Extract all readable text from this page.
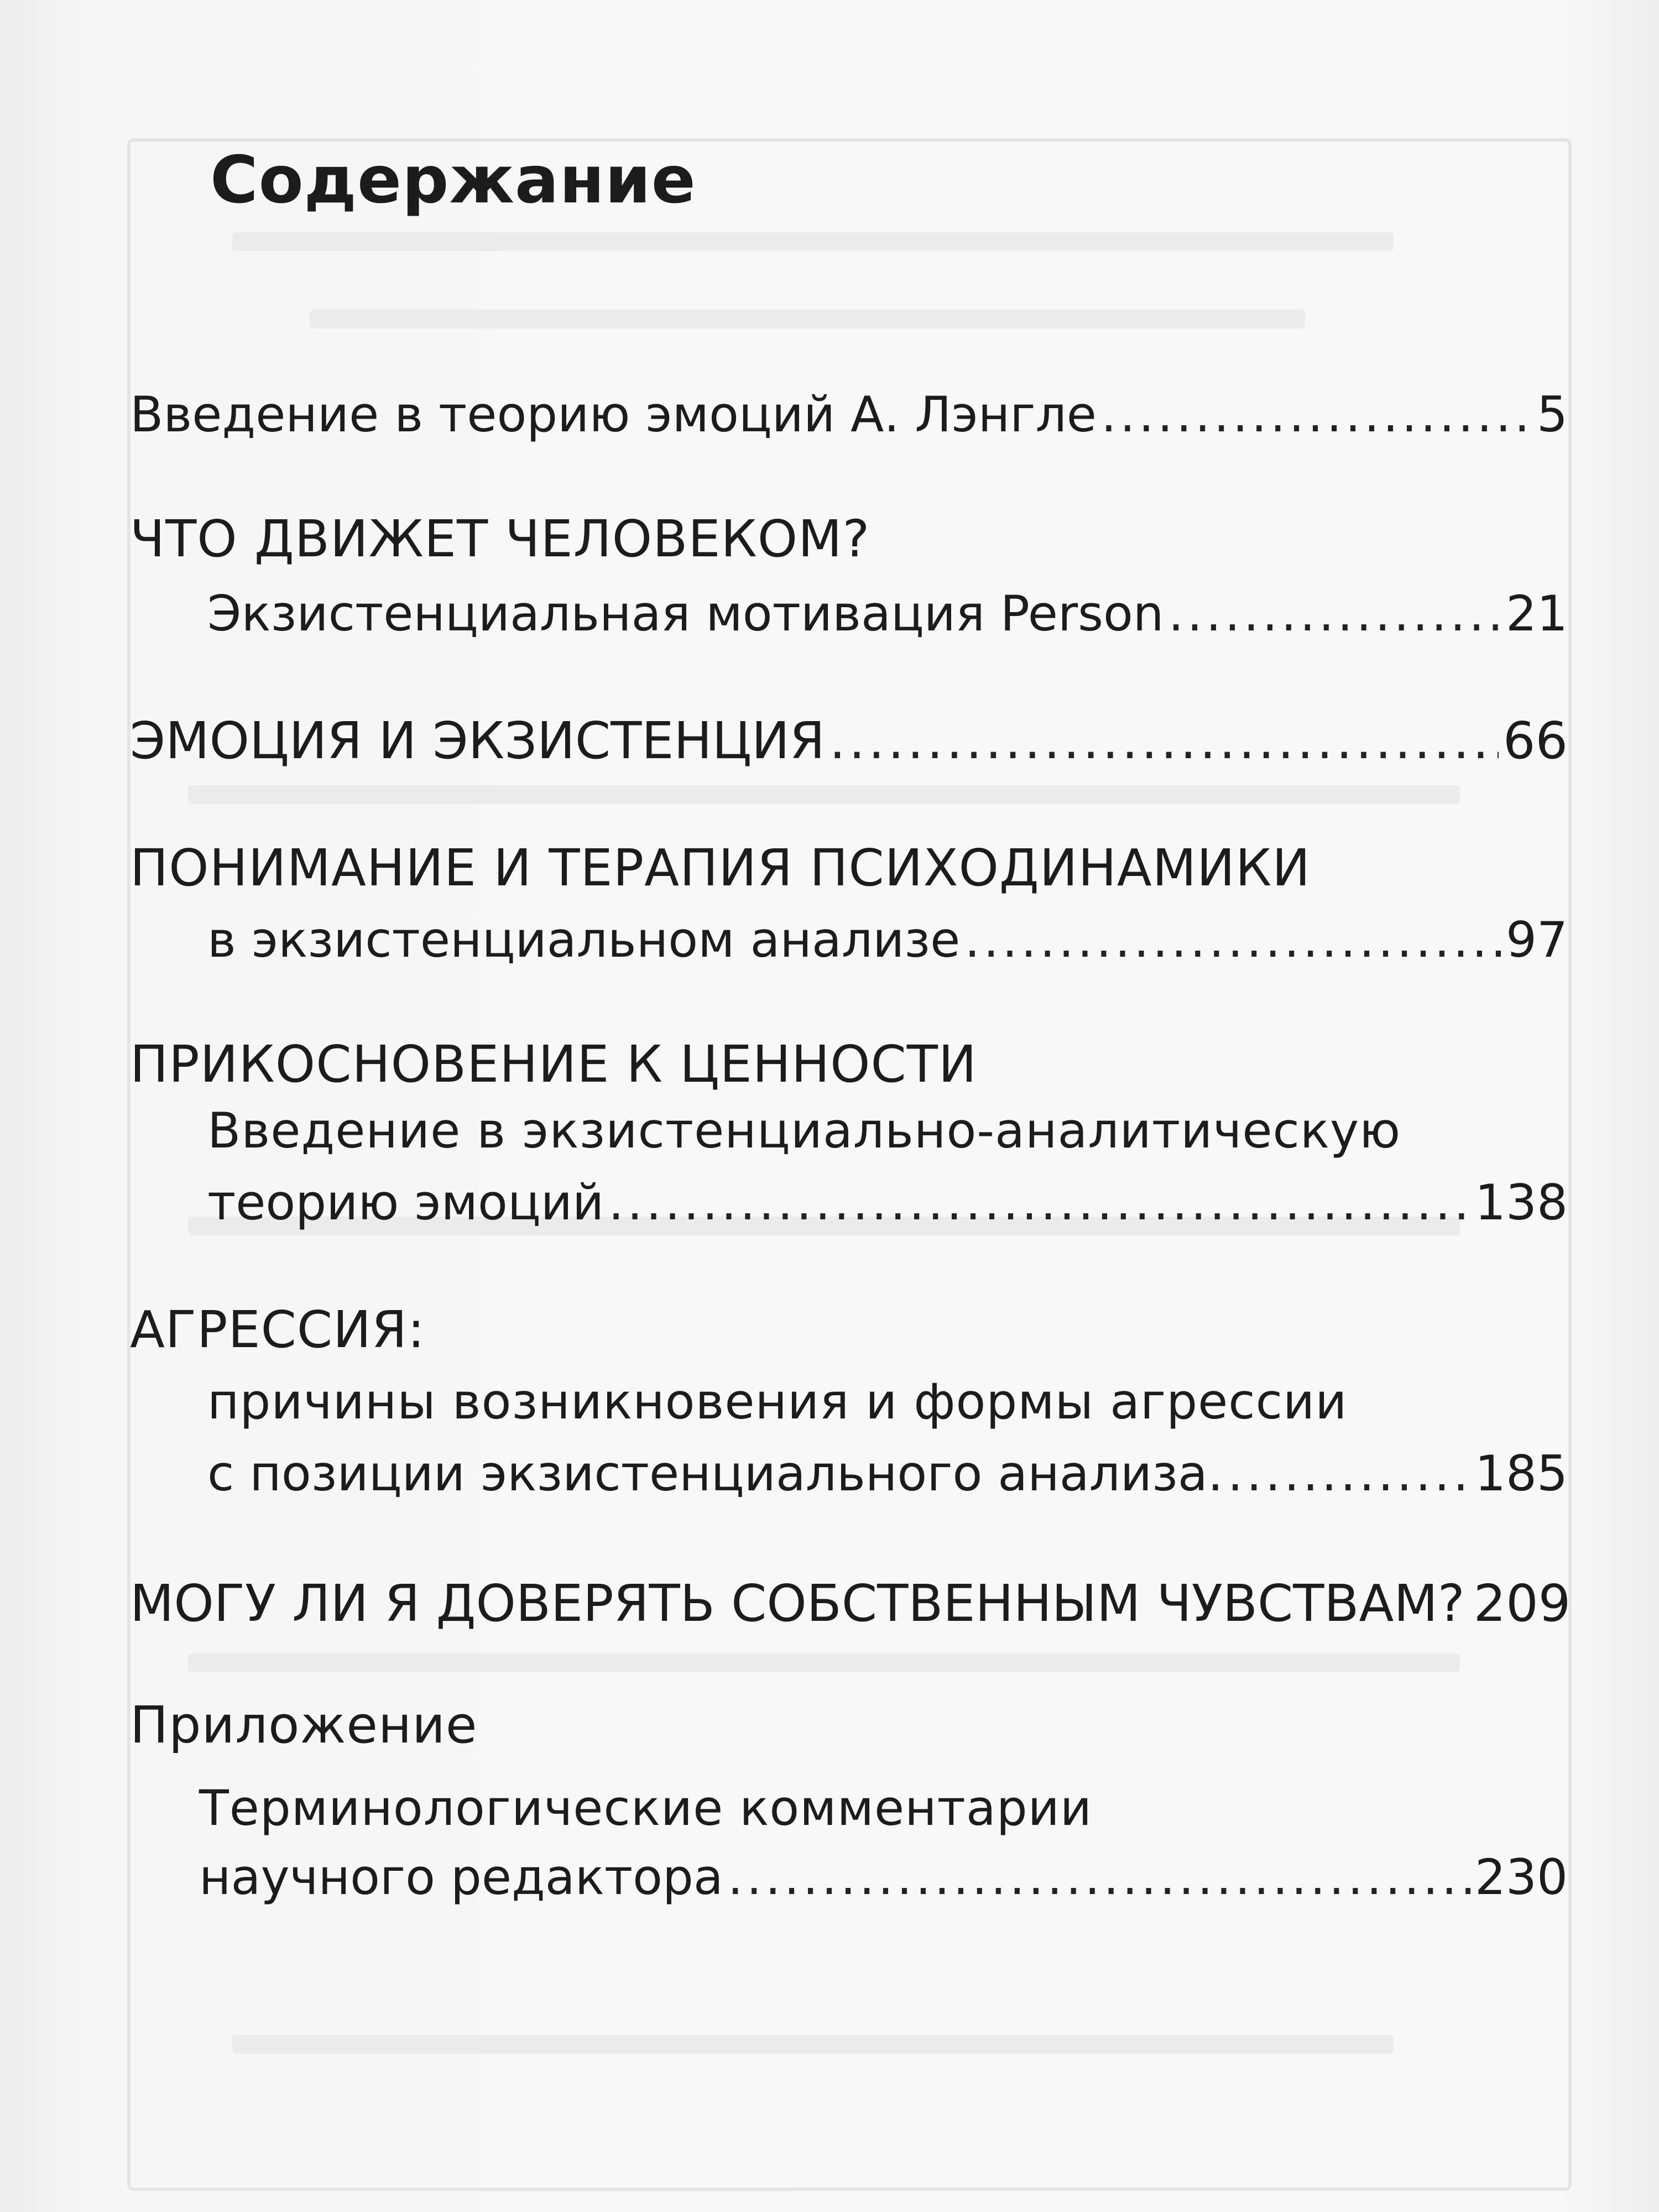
Содержание
Введение в теорию эмоций А. Лэнгле .....	5
ЧТО ДВИЖЕТ ЧЕЛОВЕКОМ?
Экзистенциальная мотивация Person .....	21
ЭМОЦИЯ И ЭКЗИСТЕНЦИЯ .....	66
ПОНИМАНИЕ И ТЕРАПИЯ ПСИХОДИНАМИКИ
в экзистенциальном анализе .....	97
ПРИКОСНОВЕНИЕ К ЦЕННОСТИ
Введение в экзистенциально-аналитическую
теорию эмоций .....	138
АГРЕССИЯ:
причины возникновения и формы агрессии
с позиции экзистенциального анализа. .....	185
МОГУ ЛИ Я ДОВЕРЯТЬ СОБСТВЕННЫМ ЧУВСТВАМ? 209
Приложение
Терминологические комментарии
научного редактора .....	230
